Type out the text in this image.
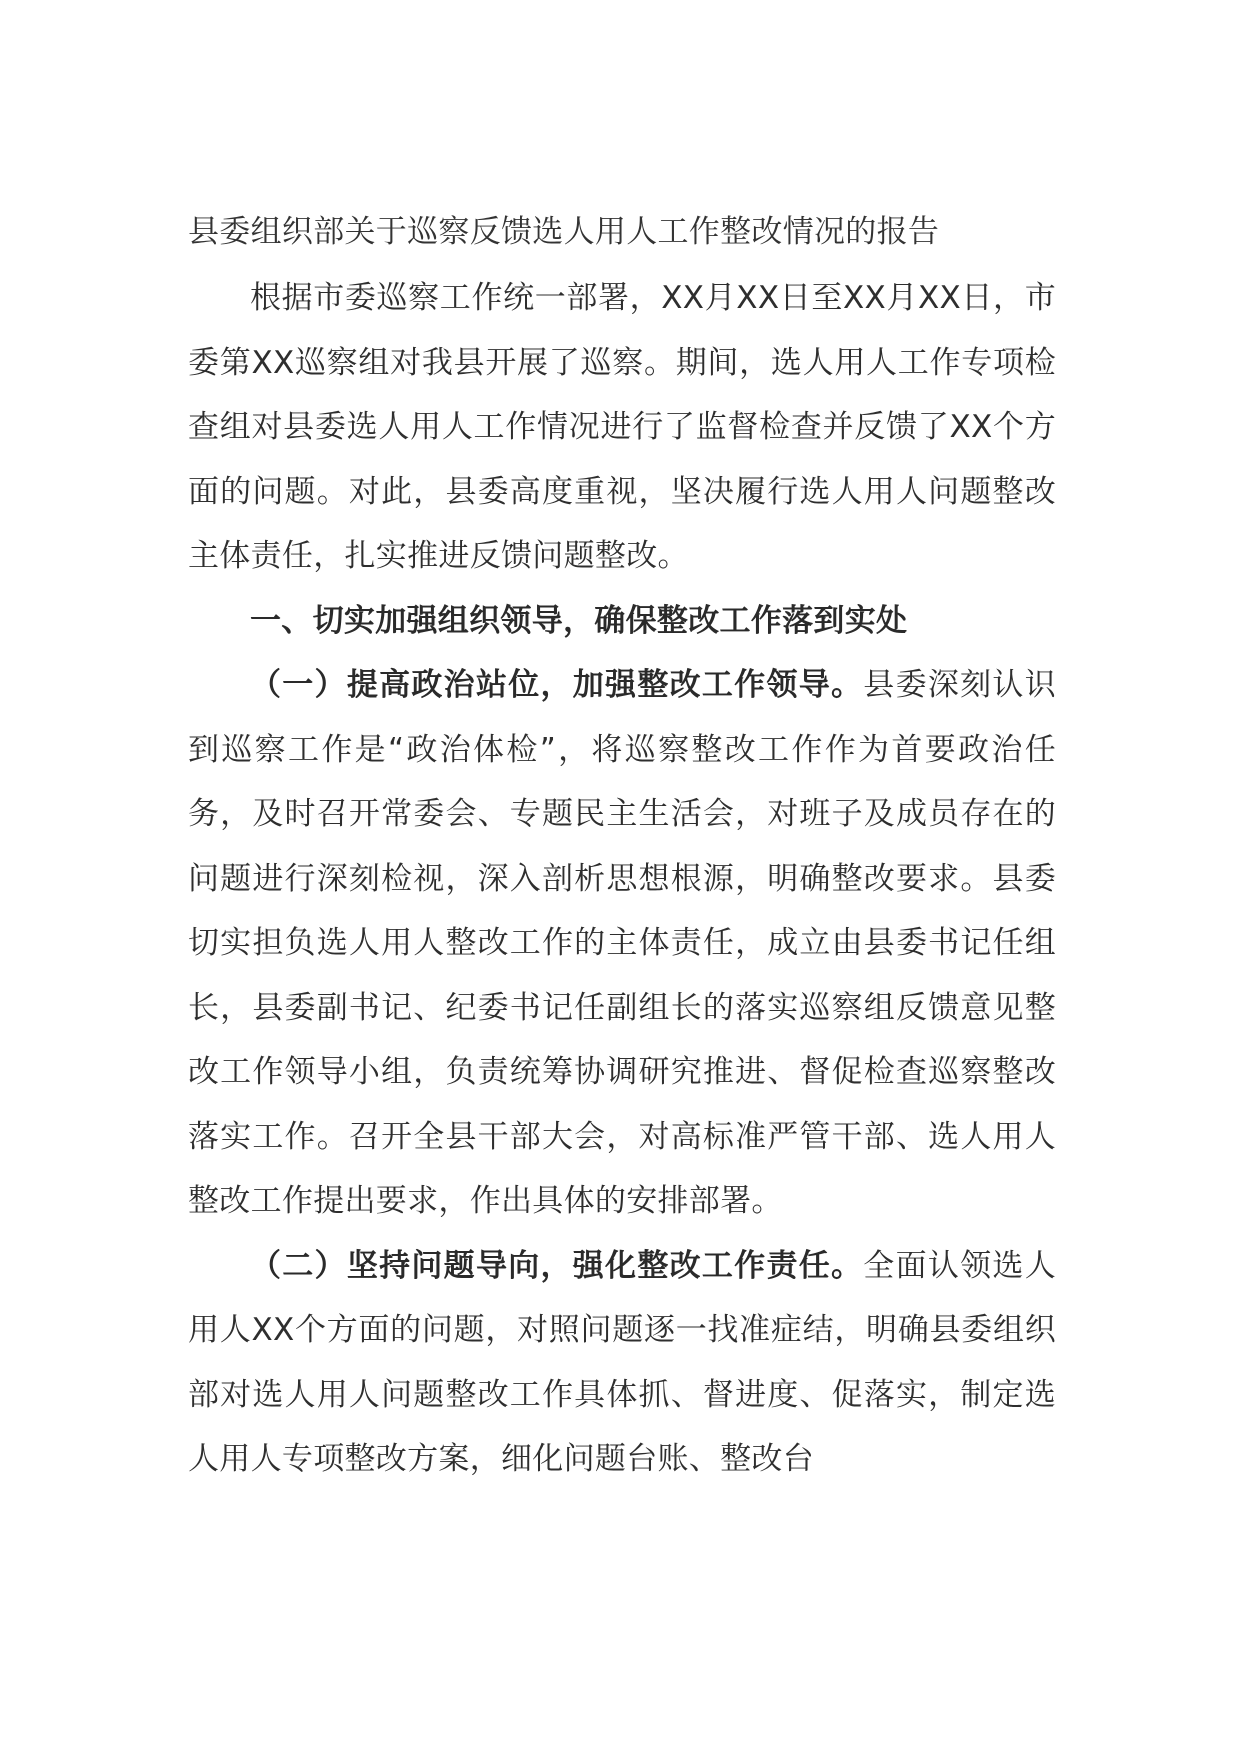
县委组织部关于巡察反馈选人用人工作整改情况的报告

根据市委巡察工作统一部署，XX月XX日至XX月XX日，市委第XX巡察组对我县开展了巡察。期间，选人用人工作专项检查组对县委选人用人工作情况进行了监督检查并反馈了XX个方面的问题。对此，县委高度重视，坚决履行选人用人问题整改主体责任，扎实推进反馈问题整改。

一、切实加强组织领导，确保整改工作落到实处

（一）提高政治站位，加强整改工作领导。县委深刻认识到巡察工作是“政治体检”，将巡察整改工作作为首要政治任务，及时召开常委会、专题民主生活会，对班子及成员存在的问题进行深刻检视，深入剖析思想根源，明确整改要求。县委切实担负选人用人整改工作的主体责任，成立由县委书记任组长，县委副书记、纪委书记任副组长的落实巡察组反馈意见整改工作领导小组，负责统筹协调研究推进、督促检查巡察整改落实工作。召开全县干部大会，对高标准严管干部、选人用人整改工作提出要求，作出具体的安排部署。

（二）坚持问题导向，强化整改工作责任。全面认领选人用人XX个方面的问题，对照问题逐一找准症结，明确县委组织部对选人用人问题整改工作具体抓、督进度、促落实，制定选人用人专项整改方案，细化问题台账、整改台
